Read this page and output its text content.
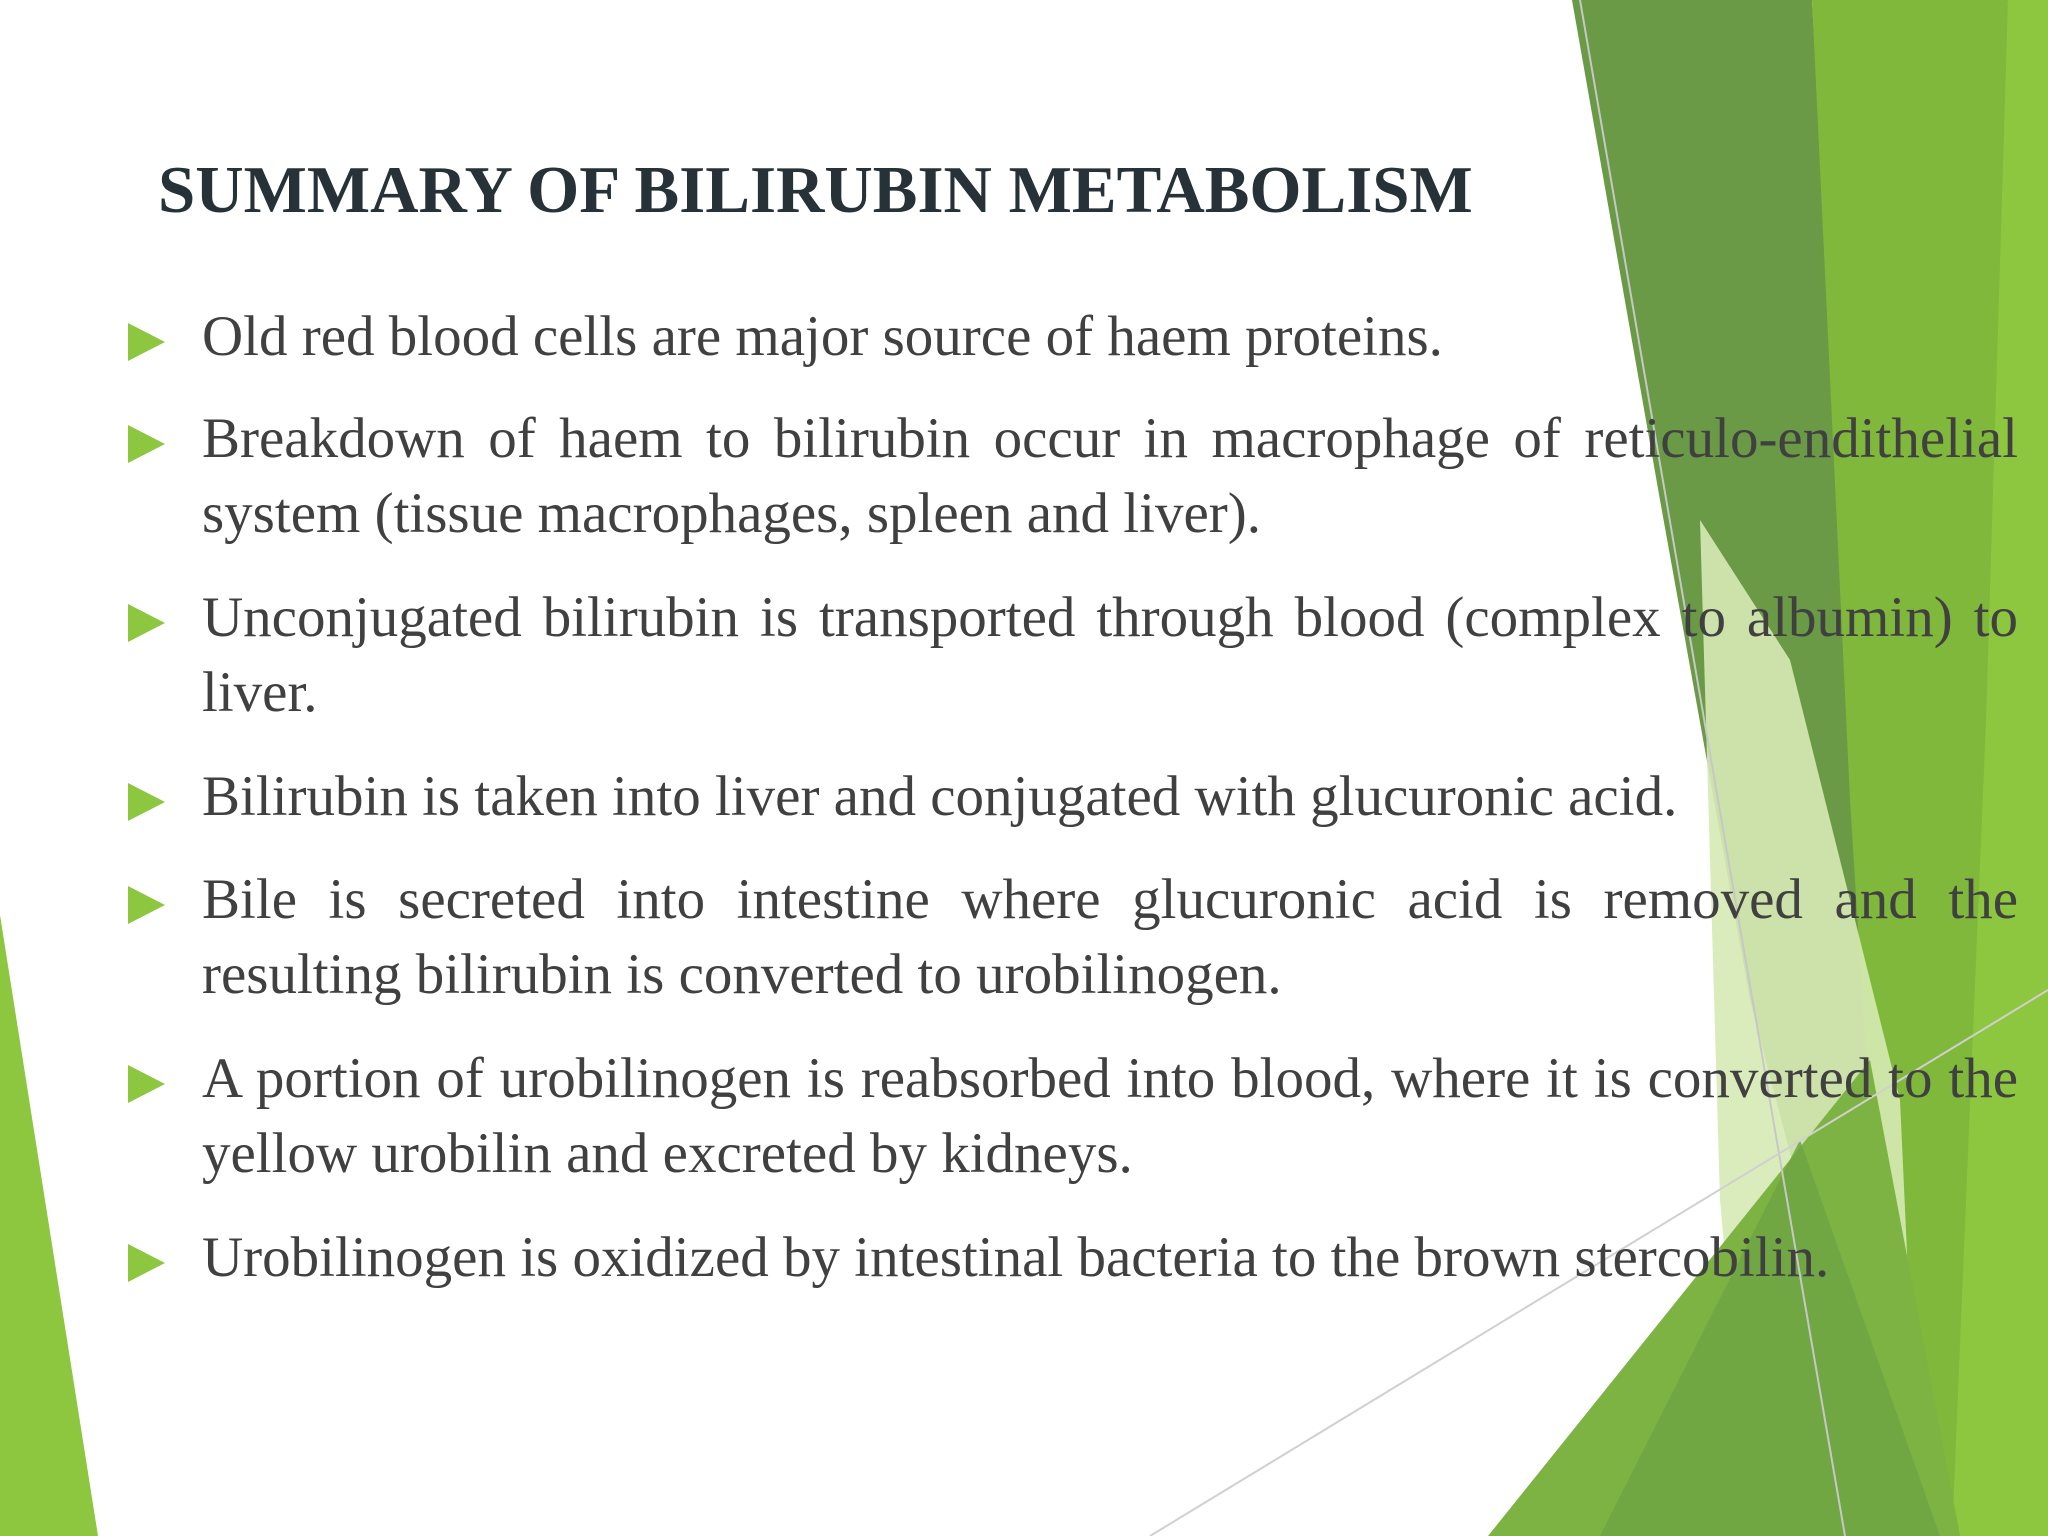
SUMMARY OF BILIRUBIN METABOLISM
Old red blood cells are major source of haem proteins.
Breakdown of haem to bilirubin occur in macrophage of reticulo-endithelial system (tissue macrophages, spleen and liver).
Unconjugated bilirubin is transported through blood (complex to albumin) to liver.
Bilirubin is taken into liver and conjugated with glucuronic acid.
Bile is secreted into intestine where glucuronic acid is removed and the resulting bilirubin is converted to urobilinogen.
A portion of urobilinogen is reabsorbed into blood, where it is converted to the yellow urobilin and excreted by kidneys.
Urobilinogen is oxidized by intestinal bacteria to the brown stercobilin.
